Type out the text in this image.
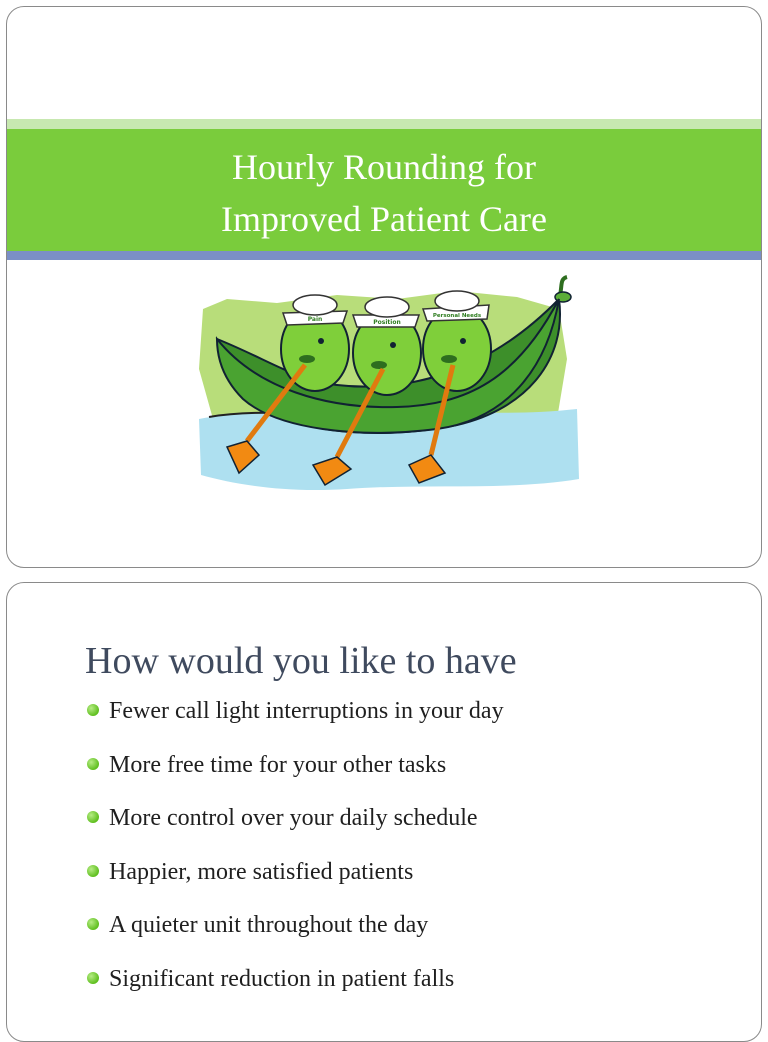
Hourly Rounding for
Improved Patient Care
Pain	Position
Personal Needs
How would you like to have
Fewer call light interruptions in your day
More free time for your other tasks
More control over your daily schedule
Happier, more satisfied patients
A quieter unit throughout the day
Significant reduction in patient falls
